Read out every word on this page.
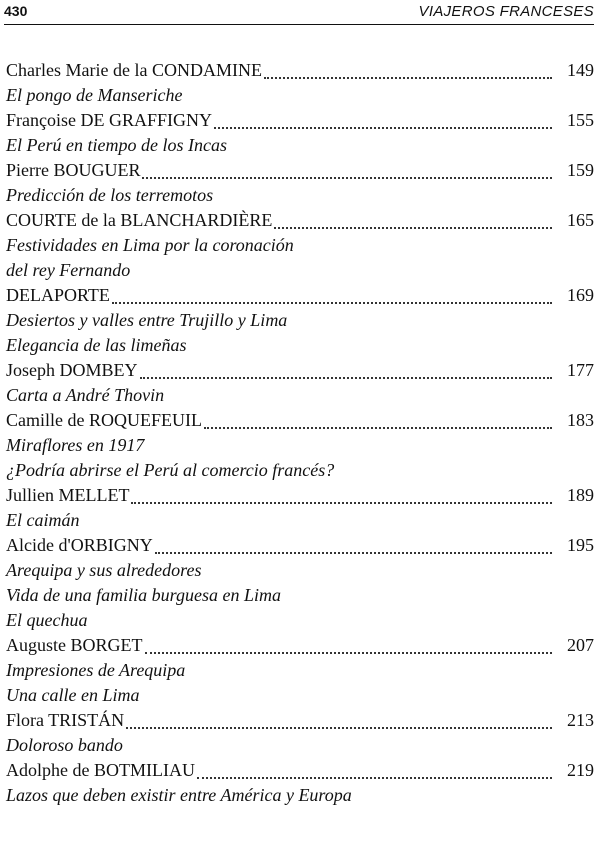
430	VIAJEROS FRANCESES
Charles Marie de la CONDAMINE	149
El pongo de Manseriche
Françoise DE GRAFFIGNY	155
El Perú en tiempo de los Incas
Pierre BOUGUER	159
Predicción de los terremotos
COURTE de la BLANCHARDIÈRE	165
Festividades en Lima por la coronación
del rey Fernando
DELAPORTE	169
Desiertos y valles entre Trujillo y Lima
Elegancia de las limeñas
Joseph DOMBEY	177
Carta a André Thovin
Camille de ROQUEFEUIL	183
Miraflores en 1917
¿Podría abrirse el Perú al comercio francés?
Jullien MELLET	189
El caimán
Alcide d'ORBIGNY	195
Arequipa y sus alrededores
Vida de una familia burguesa en Lima
El quechua
Auguste BORGET	207
Impresiones de Arequipa
Una calle en Lima
Flora TRISTÁN	213
Doloroso bando
Adolphe de BOTMILIAU	219
Lazos que deben existir entre América y Europa
